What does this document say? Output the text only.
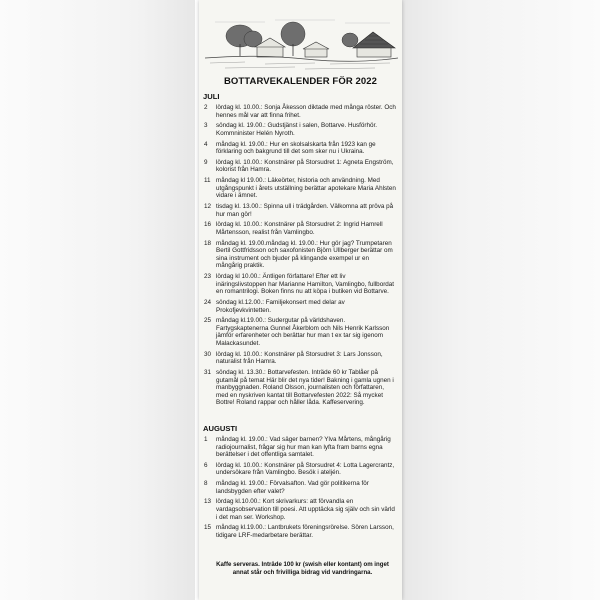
BOTTARVEKALENDER FÖR 2022
JULI
2	lördag kl. 10.00.: Sonja Åkesson diktade med många röster. Och hennes mål var att finna frihet.
3	söndag kl. 19.00.: Gudstjänst i salen, Bottarve. Husförhör. Kommninister Helén Nyroth.
4	måndag kl. 19.00.: Hur en skolsalskarta från 1923 kan ge förklaring och bakgrund till det som sker nu i Ukraina.
9	lördag kl. 10.00.: Konstnärer på Storsudret 1: Agneta Engström, kolorist från Hamra.
11 måndag kl 19.00.: Läkeörter, historia och användning. Med utgångspunkt i årets utställning berättar apotekare Maria Ahlsten vidare i ämnet.
12 tisdag kl. 13.00.: Spinna ull i trädgården. Välkomna att pröva på hur man gör!
16 lördag kl. 10.00.: Konstnärer på Storsudret 2: Ingrid Hamrell Mårtensson, realist från Vamlingbo.
18 måndag kl. 19.00.måndag kl. 19.00.: Hur gör jag? Trumpetaren Bertil Gottfridsson och saxofonisten Björn Ullberger berättar om sina instrument och bjuder på klingande exempel ur en mångårig praktik.
23 lördag kl 10.00.: Äntligen författare! Efter ett liv inäringslivstoppen har Marianne Hamilton, Vamlingbo, fullbordat en romantrilogi. Boken finns nu att köpa i butiken vid Bottarve.
24 söndag kl.12.00.: Familjekonsert med delar av Prokofjevkvintetten.
25 måndag kl.19.00.: Sudergutar på världshaven. Fartygskaptenerna Gunnel Åkerblom och Nils Henrik Karlsson jämför erfarenheter och berättar hur man t ex tar sig igenom Malackasundet.
30 lördag kl. 10.00.: Konstnärer på Storsudret 3: Lars Jonsson, naturalist från Hamra.
31 söndag kl. 13.30.: Bottarvefesten. Inträde 60 kr Tablåer på gutamål på temat Här blir det nya tider! Bakning i gamla ugnen i manbyggnaden. Roland Olsson, journalisten och författaren, med en nyskriven kantat till Bottarvefesten 2022: Så mycket Bottre! Roland rappar och håller låda. Kaffeservering.
AUGUSTI
1	måndag kl. 19.00.: Vad säger barnen? Ylva Mårtens, mångårig radiojournalist, frågar sig hur man kan lyfta fram barns egna berättelser i det offentliga samtalet.
6	lördag kl. 10.00.: Konstnärer på Storsudret 4: Lotta Lagercrantz, undersökare från Vamlingbo. Besök i ateljén.
8	måndag kl. 19.00.: Förvalsafton. Vad gör politikerna för landsbygden efter valet?
13 lördag kl.10.00.: Kort skrivarkurs: att förvandla en vardagsobservation till poesi. Att upptäcka sig själv och sin värld i det man ser. Workshop.
15 måndag kl.19.00.: Lantbrukets föreningsrörelse. Sören Larsson, tidigare LRF-medarbetare berättar.
Kaffe serveras. Inträde 100 kr (swish eller kontant) om inget annat står och frivilliga bidrag vid vandringarna.
